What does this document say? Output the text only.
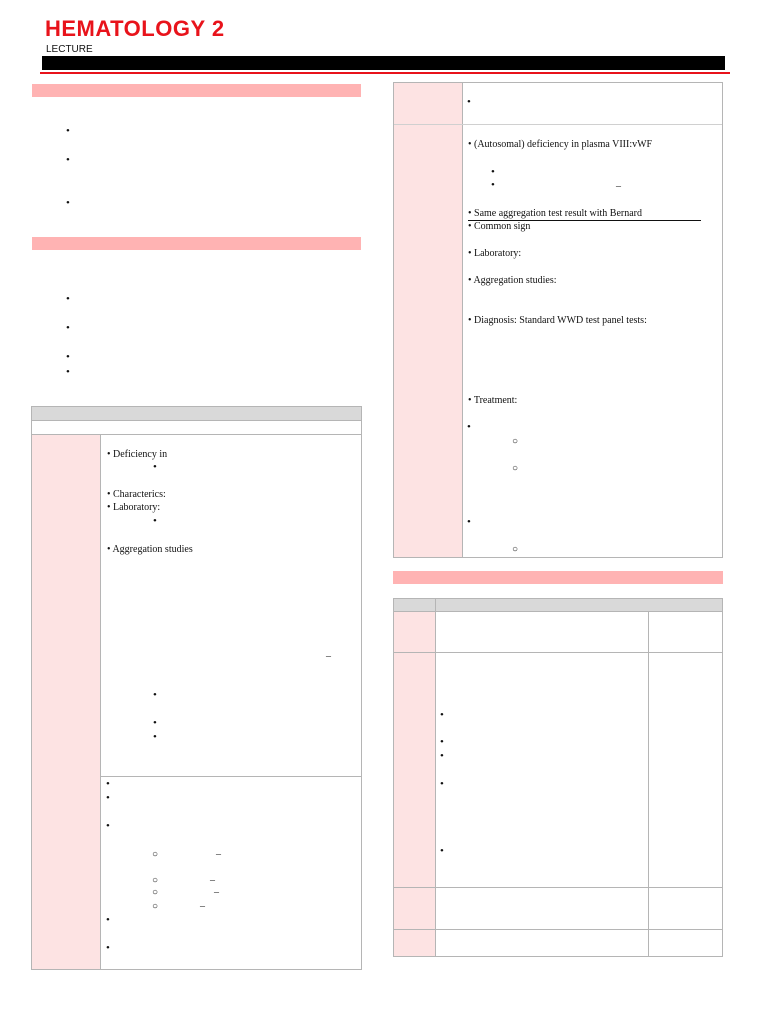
HEMATOLOGY 2
LECTURE
•
•
•
•
•
•
•
• Deficiency in
•
• Characterics:
• Laboratory:
•
• Aggregation studies
–
•
•
•
•
•
•
○	–
○	–
○	–
○	–
•
•
•
• (Autosomal) deficiency in plasma VIII:vWF
•
•	–
• Same aggregation test result with Bernard
• Common sign
• Laboratory:
• Aggregation studies:
• Diagnosis: Standard WWD test panel tests:
• Treatment:
•
○
○
•
○
•
•
•
•
•
